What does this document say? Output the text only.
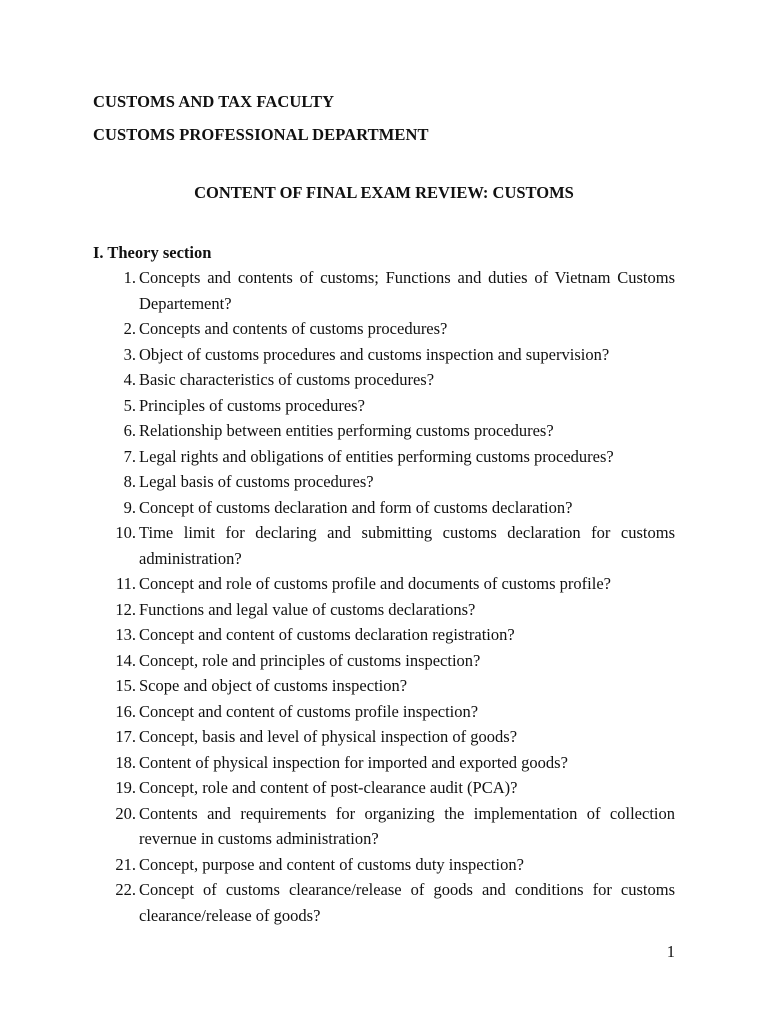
CUSTOMS AND TAX FACULTY
CUSTOMS PROFESSIONAL DEPARTMENT
CONTENT OF FINAL EXAM REVIEW: CUSTOMS
I. Theory section
1. Concepts and contents of customs; Functions and duties of Vietnam Customs Departement?
2. Concepts and contents of customs procedures?
3. Object of customs procedures and customs inspection and supervision?
4. Basic characteristics of customs procedures?
5. Principles of customs procedures?
6. Relationship between entities performing customs procedures?
7. Legal rights and obligations of entities performing customs procedures?
8. Legal basis of customs procedures?
9. Concept of customs declaration and form of customs declaration?
10. Time limit for declaring and submitting customs declaration for customs administration?
11. Concept and role of customs profile and documents of customs profile?
12. Functions and legal value of customs declarations?
13. Concept and content of customs declaration registration?
14. Concept, role and principles of customs inspection?
15. Scope and object of customs inspection?
16. Concept and content of customs profile inspection?
17. Concept, basis and level of physical inspection of goods?
18. Content of physical inspection for imported and exported goods?
19. Concept, role and content of post-clearance audit (PCA)?
20. Contents and requirements for organizing the implementation of collection revernue in customs administration?
21. Concept, purpose and content of customs duty inspection?
22. Concept of customs clearance/release of goods and conditions for customs clearance/release of goods?
1
